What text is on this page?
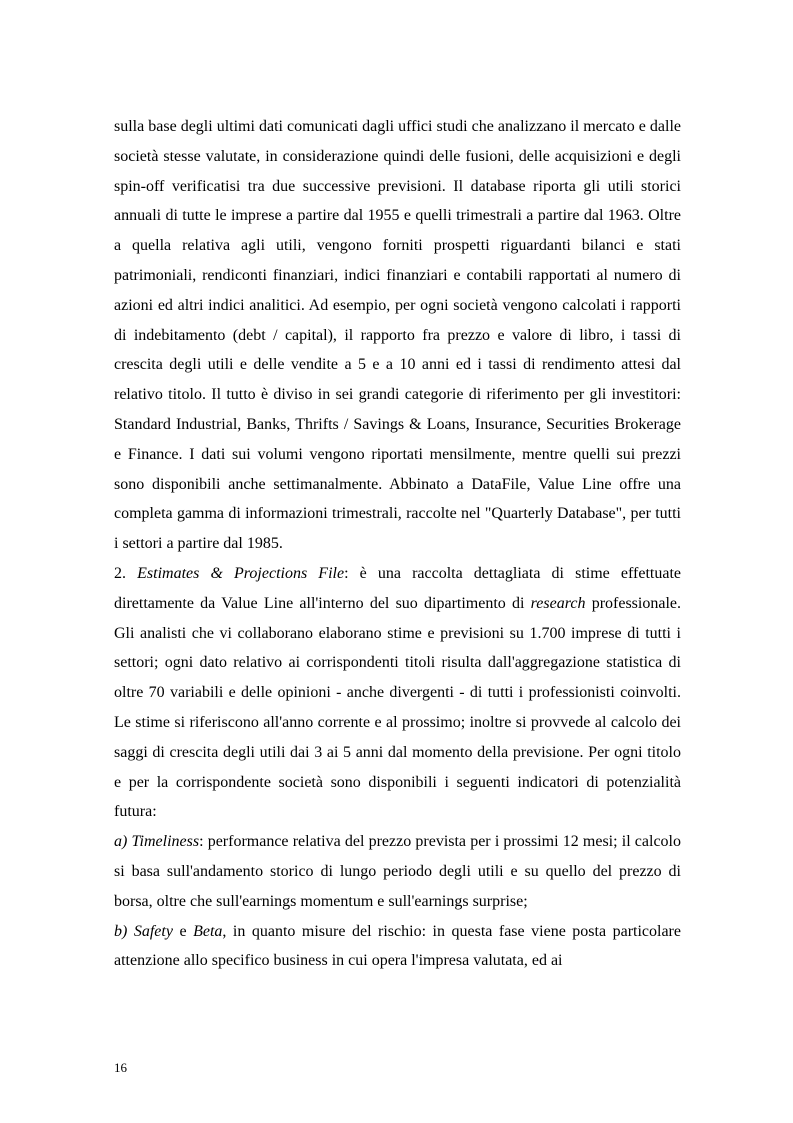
sulla base degli ultimi dati comunicati dagli uffici studi che analizzano il mercato e dalle società stesse valutate, in considerazione quindi delle fusioni, delle acquisizioni e degli spin-off verificatisi tra due successive previsioni. Il database riporta gli utili storici annuali di tutte le imprese a partire dal 1955 e quelli trimestrali a partire dal 1963. Oltre a quella relativa agli utili, vengono forniti prospetti riguardanti bilanci e stati patrimoniali, rendiconti finanziari, indici finanziari e contabili rapportati al numero di azioni ed altri indici analitici. Ad esempio, per ogni società vengono calcolati i rapporti di indebitamento (debt / capital), il rapporto fra prezzo e valore di libro, i tassi di crescita degli utili e delle vendite a 5 e a 10 anni ed i tassi di rendimento attesi dal relativo titolo. Il tutto è diviso in sei grandi categorie di riferimento per gli investitori: Standard Industrial, Banks, Thrifts / Savings & Loans, Insurance, Securities Brokerage e Finance. I dati sui volumi vengono riportati mensilmente, mentre quelli sui prezzi sono disponibili anche settimanalmente. Abbinato a DataFile, Value Line offre una completa gamma di informazioni trimestrali, raccolte nel "Quarterly Database", per tutti i settori a partire dal 1985.

2. Estimates & Projections File: è una raccolta dettagliata di stime effettuate direttamente da Value Line all'interno del suo dipartimento di research professionale. Gli analisti che vi collaborano elaborano stime e previsioni su 1.700 imprese di tutti i settori; ogni dato relativo ai corrispondenti titoli risulta dall'aggregazione statistica di oltre 70 variabili e delle opinioni - anche divergenti - di tutti i professionisti coinvolti. Le stime si riferiscono all'anno corrente e al prossimo; inoltre si provvede al calcolo dei saggi di crescita degli utili dai 3 ai 5 anni dal momento della previsione. Per ogni titolo e per la corrispondente società sono disponibili i seguenti indicatori di potenzialità futura:

a) Timeliness: performance relativa del prezzo prevista per i prossimi 12 mesi; il calcolo si basa sull'andamento storico di lungo periodo degli utili e su quello del prezzo di borsa, oltre che sull'earnings momentum e sull'earnings surprise;

b) Safety e Beta, in quanto misure del rischio: in questa fase viene posta particolare attenzione allo specifico business in cui opera l'impresa valutata, ed ai

16
